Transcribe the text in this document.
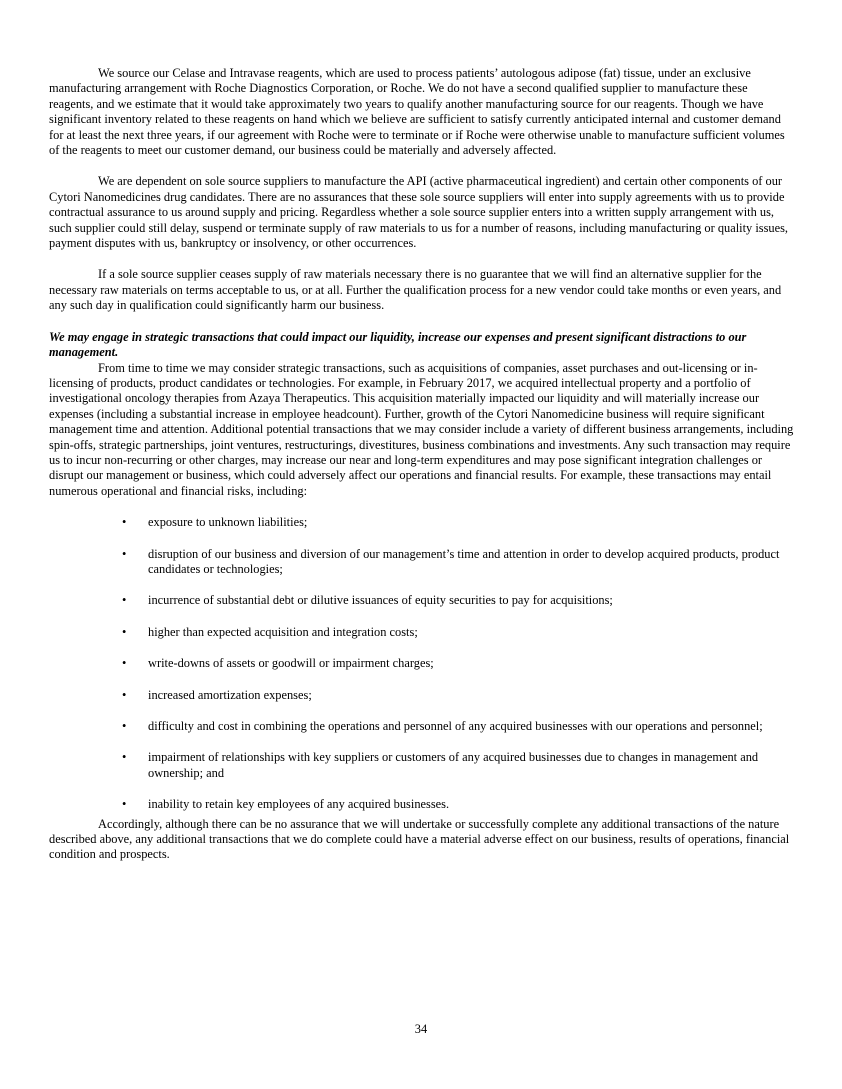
We source our Celase and Intravase reagents, which are used to process patients’ autologous adipose (fat) tissue, under an exclusive manufacturing arrangement with Roche Diagnostics Corporation, or Roche. We do not have a second qualified supplier to manufacture these reagents, and we estimate that it would take approximately two years to qualify another manufacturing source for our reagents. Though we have significant inventory related to these reagents on hand which we believe are sufficient to satisfy currently anticipated internal and customer demand for at least the next three years, if our agreement with Roche were to terminate or if Roche were otherwise unable to manufacture sufficient volumes of the reagents to meet our customer demand, our business could be materially and adversely affected.

We are dependent on sole source suppliers to manufacture the API (active pharmaceutical ingredient) and certain other components of our Cytori Nanomedicines drug candidates. There are no assurances that these sole source suppliers will enter into supply agreements with us to provide contractual assurance to us around supply and pricing. Regardless whether a sole source supplier enters into a written supply arrangement with us, such supplier could still delay, suspend or terminate supply of raw materials to us for a number of reasons, including manufacturing or quality issues, payment disputes with us, bankruptcy or insolvency, or other occurrences.

If a sole source supplier ceases supply of raw materials necessary there is no guarantee that we will find an alternative supplier for the necessary raw materials on terms acceptable to us, or at all. Further the qualification process for a new vendor could take months or even years, and any such day in qualification could significantly harm our business.

We may engage in strategic transactions that could impact our liquidity, increase our expenses and present significant distractions to our management.

From time to time we may consider strategic transactions, such as acquisitions of companies, asset purchases and out-licensing or in-licensing of products, product candidates or technologies. For example, in February 2017, we acquired intellectual property and a portfolio of investigational oncology therapies from Azaya Therapeutics. This acquisition materially impacted our liquidity and will materially increase our expenses (including a substantial increase in employee headcount). Further, growth of the Cytori Nanomedicine business will require significant management time and attention. Additional potential transactions that we may consider include a variety of different business arrangements, including spin-offs, strategic partnerships, joint ventures, restructurings, divestitures, business combinations and investments. Any such transaction may require us to incur non-recurring or other charges, may increase our near and long-term expenditures and may pose significant integration challenges or disrupt our management or business, which could adversely affect our operations and financial results. For example, these transactions may entail numerous operational and financial risks, including:

• exposure to unknown liabilities;
• disruption of our business and diversion of our management’s time and attention in order to develop acquired products, product candidates or technologies;
• incurrence of substantial debt or dilutive issuances of equity securities to pay for acquisitions;
• higher than expected acquisition and integration costs;
• write-downs of assets or goodwill or impairment charges;
• increased amortization expenses;
• difficulty and cost in combining the operations and personnel of any acquired businesses with our operations and personnel;
• impairment of relationships with key suppliers or customers of any acquired businesses due to changes in management and ownership; and
• inability to retain key employees of any acquired businesses.

Accordingly, although there can be no assurance that we will undertake or successfully complete any additional transactions of the nature described above, any additional transactions that we do complete could have a material adverse effect on our business, results of operations, financial condition and prospects.

34
